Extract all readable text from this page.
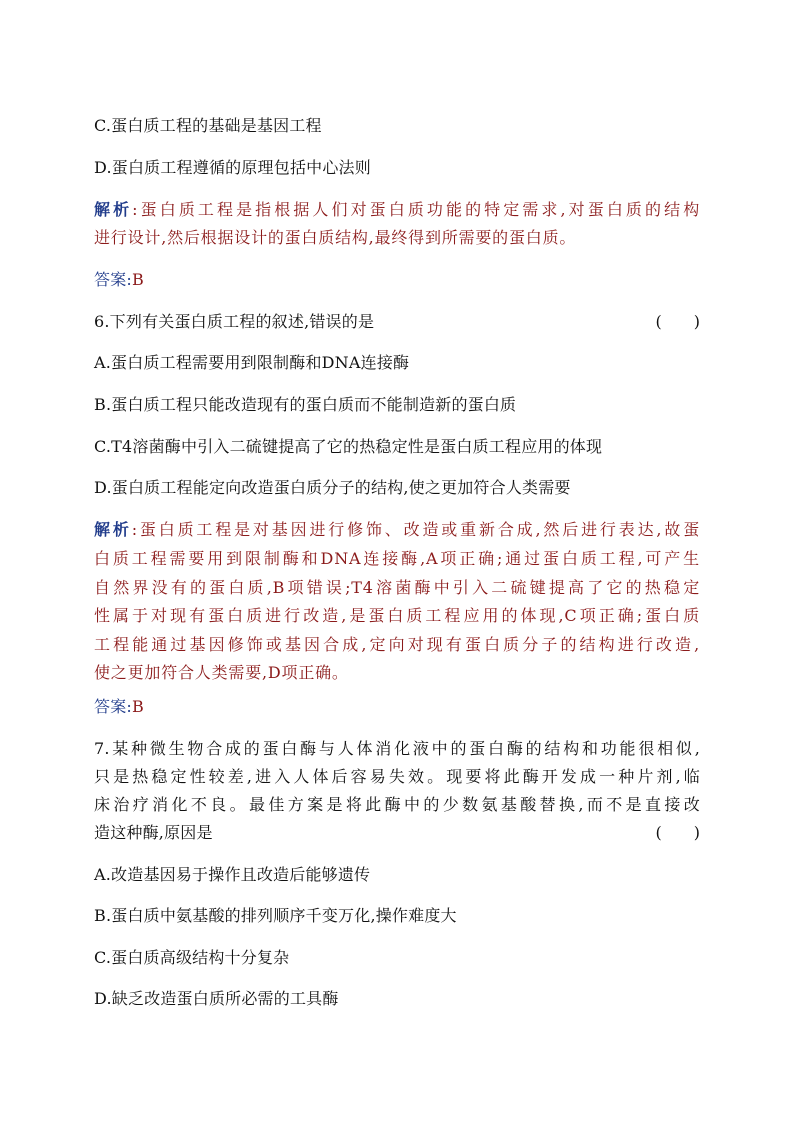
C.蛋白质工程的基础是基因工程
D.蛋白质工程遵循的原理包括中心法则
解析:蛋白质工程是指根据人们对蛋白质功能的特定需求,对蛋白质的结构
进行设计,然后根据设计的蛋白质结构,最终得到所需要的蛋白质。
答案:B
6.下列有关蛋白质工程的叙述,错误的是	(  )
A.蛋白质工程需要用到限制酶和DNA连接酶
B.蛋白质工程只能改造现有的蛋白质而不能制造新的蛋白质
C.T4溶菌酶中引入二硫键提高了它的热稳定性是蛋白质工程应用的体现
D.蛋白质工程能定向改造蛋白质分子的结构,使之更加符合人类需要
解析:蛋白质工程是对基因进行修饰、改造或重新合成,然后进行表达,故蛋
白质工程需要用到限制酶和DNA连接酶,A项正确;通过蛋白质工程,可产生
自然界没有的蛋白质,B项错误;T4溶菌酶中引入二硫键提高了它的热稳定
性属于对现有蛋白质进行改造,是蛋白质工程应用的体现,C项正确;蛋白质
工程能通过基因修饰或基因合成,定向对现有蛋白质分子的结构进行改造,
使之更加符合人类需要,D项正确。
答案:B
7.某种微生物合成的蛋白酶与人体消化液中的蛋白酶的结构和功能很相似,
只是热稳定性较差,进入人体后容易失效。现要将此酶开发成一种片剂,临
床治疗消化不良。最佳方案是将此酶中的少数氨基酸替换,而不是直接改
造这种酶,原因是	(  )
A.改造基因易于操作且改造后能够遗传
B.蛋白质中氨基酸的排列顺序千变万化,操作难度大
C.蛋白质高级结构十分复杂
D.缺乏改造蛋白质所必需的工具酶
